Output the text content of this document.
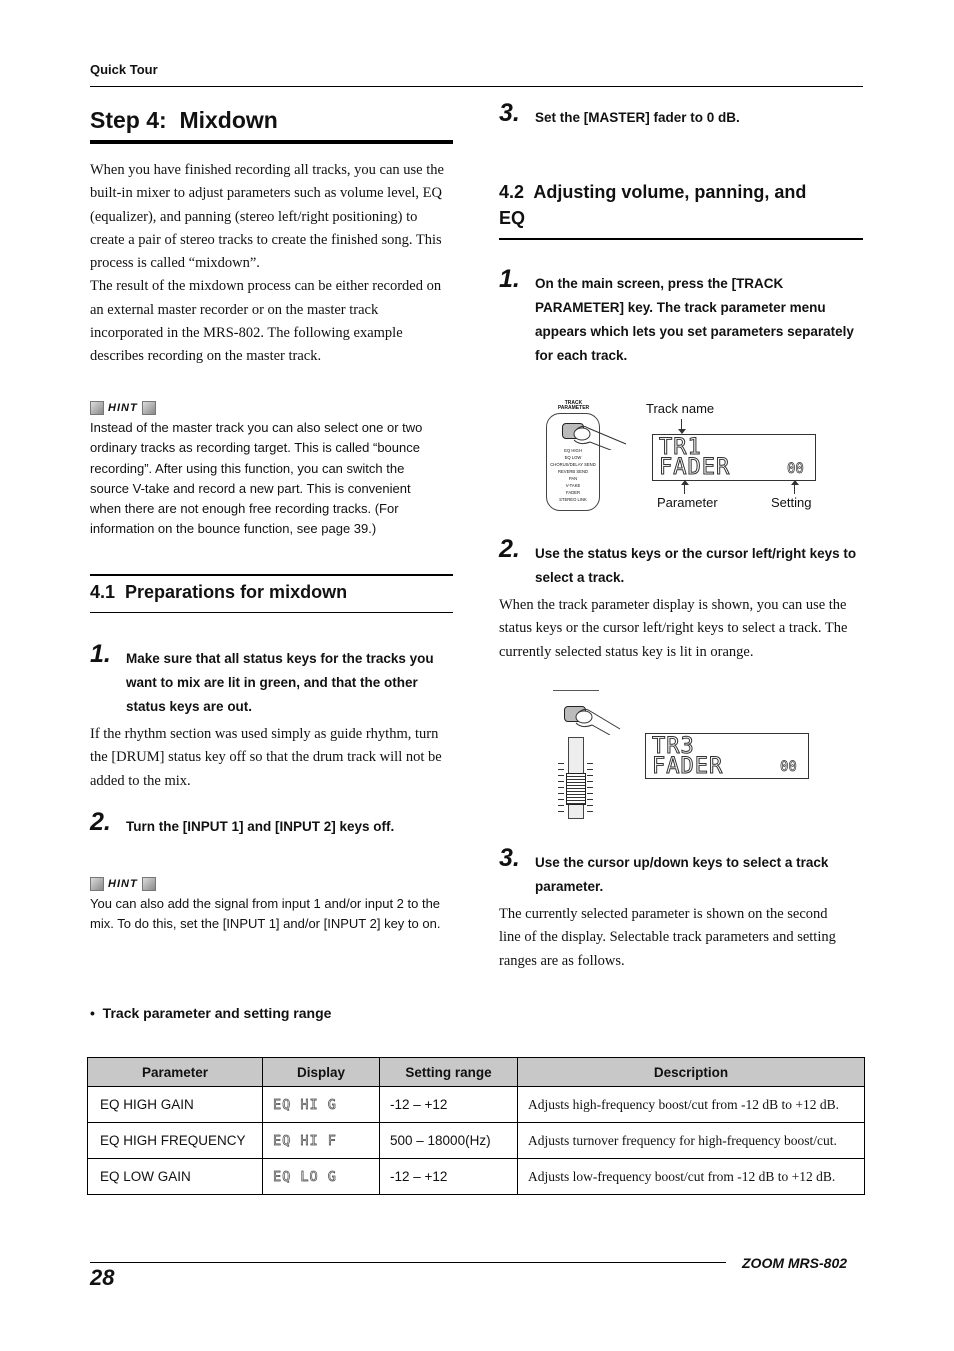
Quick Tour
Step 4:  Mixdown
When you have finished recording all tracks, you can use the
built-in mixer to adjust parameters such as volume level, EQ
(equalizer), and panning (stereo left/right positioning) to
create a pair of stereo tracks to create the finished song. This
process is called “mixdown”.
The result of the mixdown process can be either recorded on
an external master recorder or on the master track
incorporated in the MRS-802. The following example
describes recording on the master track.
HINT
Instead of the master track you can also select one or two
ordinary tracks as recording target. This is called “bounce
recording”. After using this function, you can switch the
source V-take and record a new part. This is convenient
when there are not enough free recording tracks. (For
information on the bounce function, see page 39.)
4.1  Preparations for mixdown
1. Make sure that all status keys for the tracks you
want to mix are lit in green, and that the other
status keys are out.
If the rhythm section was used simply as guide rhythm, turn
the [DRUM] status key off so that the drum track will not be
added to the mix.
2. Turn the [INPUT 1] and [INPUT 2] keys off.
HINT
You can also add the signal from input 1 and/or input 2 to the
mix. To do this, set the [INPUT 1] and/or [INPUT 2] key to on.
3. Set the [MASTER] fader to 0 dB.
4.2  Adjusting volume, panning, and
EQ
1. On the main screen, press the [TRACK
PARAMETER] key. The track parameter menu
appears which lets you set parameters separately
for each track.
TRACK
PARAMETER
EQ HIGH
EQ LOW
CHORUS/DELAY SEND
REVERB SEND
PAN
V-TAKE
FADER
STEREO LINK
Track name
TR1
FADER	00
Parameter	Setting
2. Use the status keys or the cursor left/right keys to
select a track.
When the track parameter display is shown, you can use the
status keys or the cursor left/right keys to select a track. The
currently selected status key is lit in orange.
TR3
FADER	00
3. Use the cursor up/down keys to select a track
parameter.
The currently selected parameter is shown on the second
line of the display. Selectable track parameters and setting
ranges are as follows.
•  Track parameter and setting range
Parameter	Display	Setting range	Description
EQ HIGH GAIN	EQ HI G	-12 – +12	Adjusts high-frequency boost/cut from -12 dB to +12 dB.
EQ HIGH FREQUENCY	EQ HI F	500 – 18000(Hz)	Adjusts turnover frequency for high-frequency boost/cut.
EQ LOW GAIN	EQ LO G	-12 – +12	Adjusts low-frequency boost/cut from -12 dB to +12 dB.
28
ZOOM MRS-802
